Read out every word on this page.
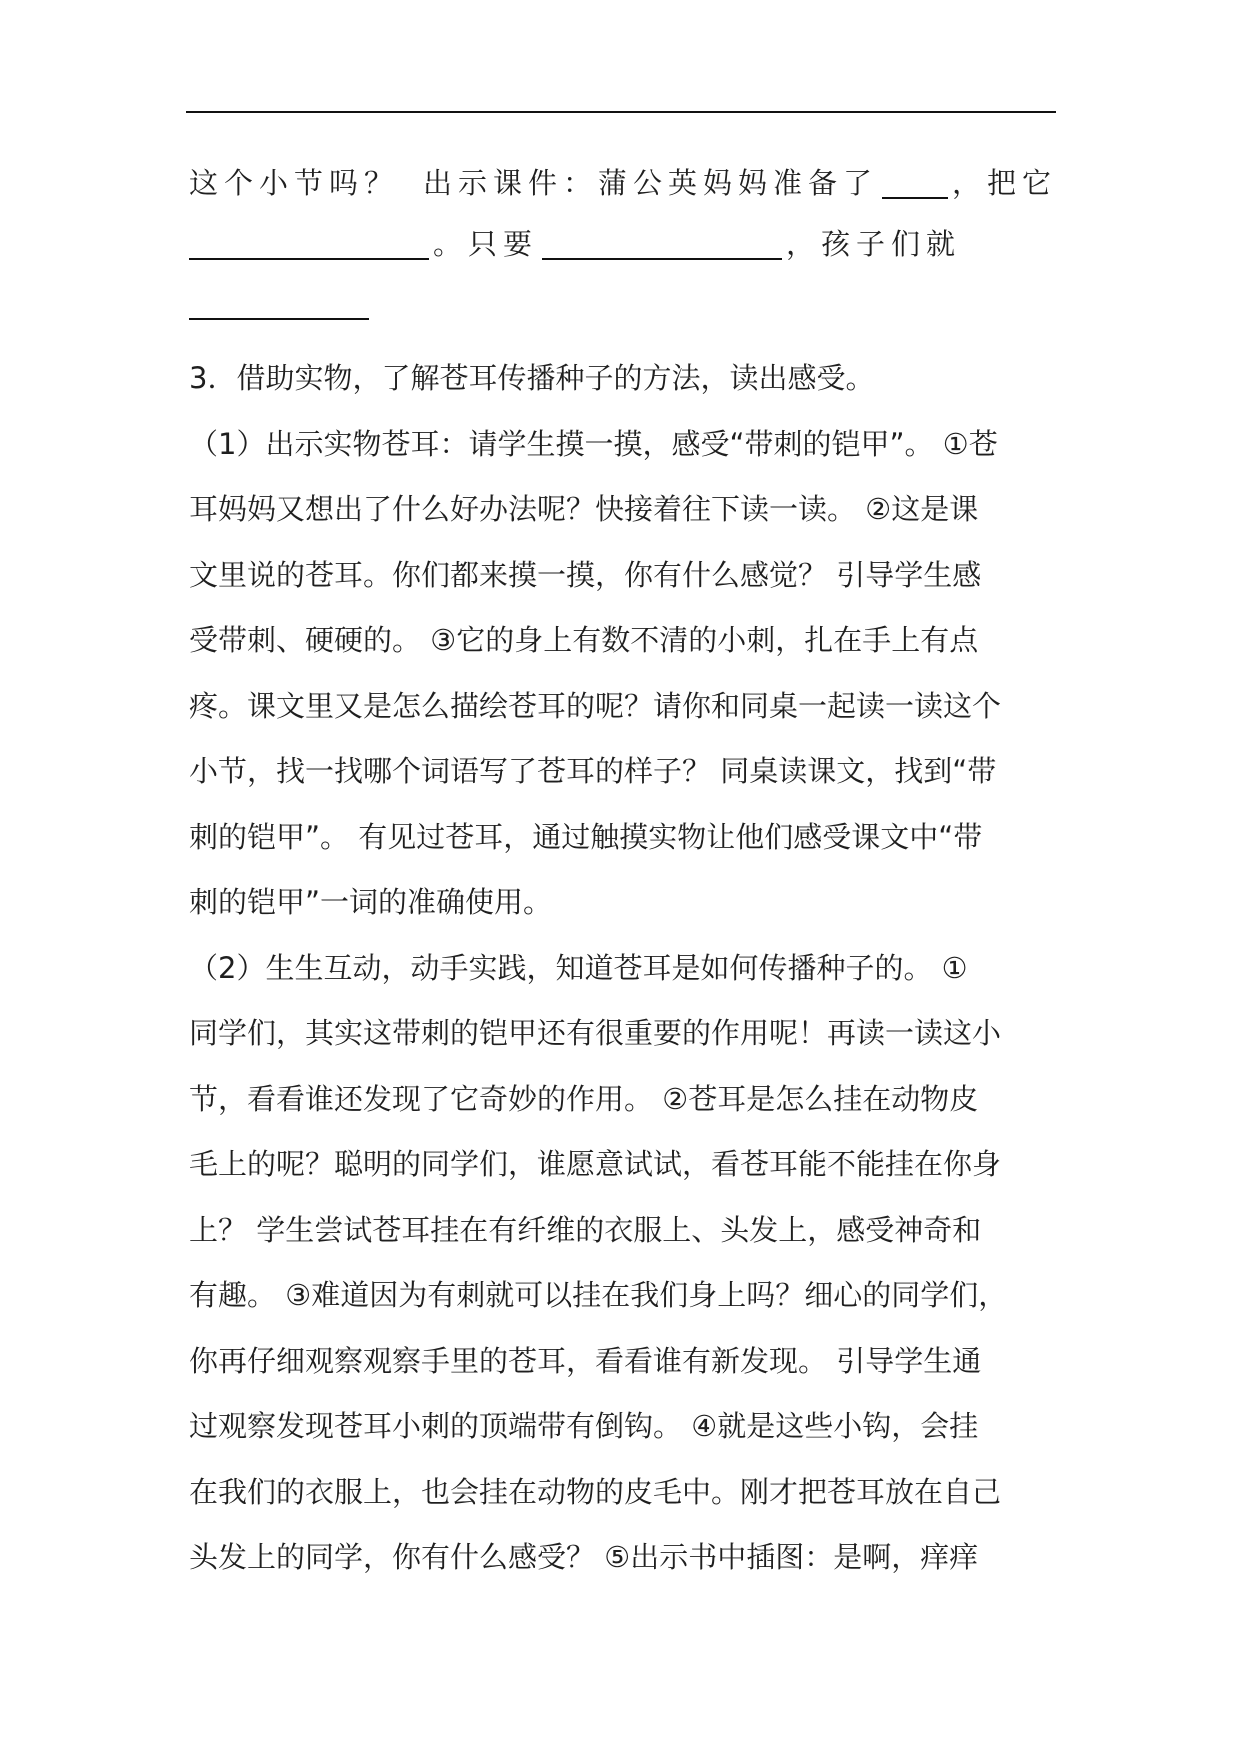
这个小节吗？ 出示课件：蒲公英妈妈准备了	，把它
。只要	，孩子们就
3．借助实物，了解苍耳传播种子的方法，读出感受。
（1）出示实物苍耳：请学生摸一摸，感受“带刺的铠甲”。 ①苍
耳妈妈又想出了什么好办法呢？快接着往下读一读。 ②这是课
文里说的苍耳。你们都来摸一摸，你有什么感觉？ 引导学生感
受带刺、硬硬的。 ③它的身上有数不清的小刺，扎在手上有点
疼。课文里又是怎么描绘苍耳的呢？请你和同桌一起读一读这个
小节，找一找哪个词语写了苍耳的样子？ 同桌读课文，找到“带
刺的铠甲”。 有见过苍耳，通过触摸实物让他们感受课文中“带
刺的铠甲”一词的准确使用。
（2）生生互动，动手实践，知道苍耳是如何传播种子的。 ①
同学们，其实这带刺的铠甲还有很重要的作用呢！再读一读这小
节，看看谁还发现了它奇妙的作用。 ②苍耳是怎么挂在动物皮
毛上的呢？聪明的同学们，谁愿意试试，看苍耳能不能挂在你身
上？ 学生尝试苍耳挂在有纤维的衣服上、头发上，感受神奇和
有趣。 ③难道因为有刺就可以挂在我们身上吗？细心的同学们，
你再仔细观察观察手里的苍耳，看看谁有新发现。 引导学生通
过观察发现苍耳小刺的顶端带有倒钩。 ④就是这些小钩，会挂
在我们的衣服上，也会挂在动物的皮毛中。刚才把苍耳放在自己
头发上的同学，你有什么感受？ ⑤出示书中插图：是啊，痒痒
